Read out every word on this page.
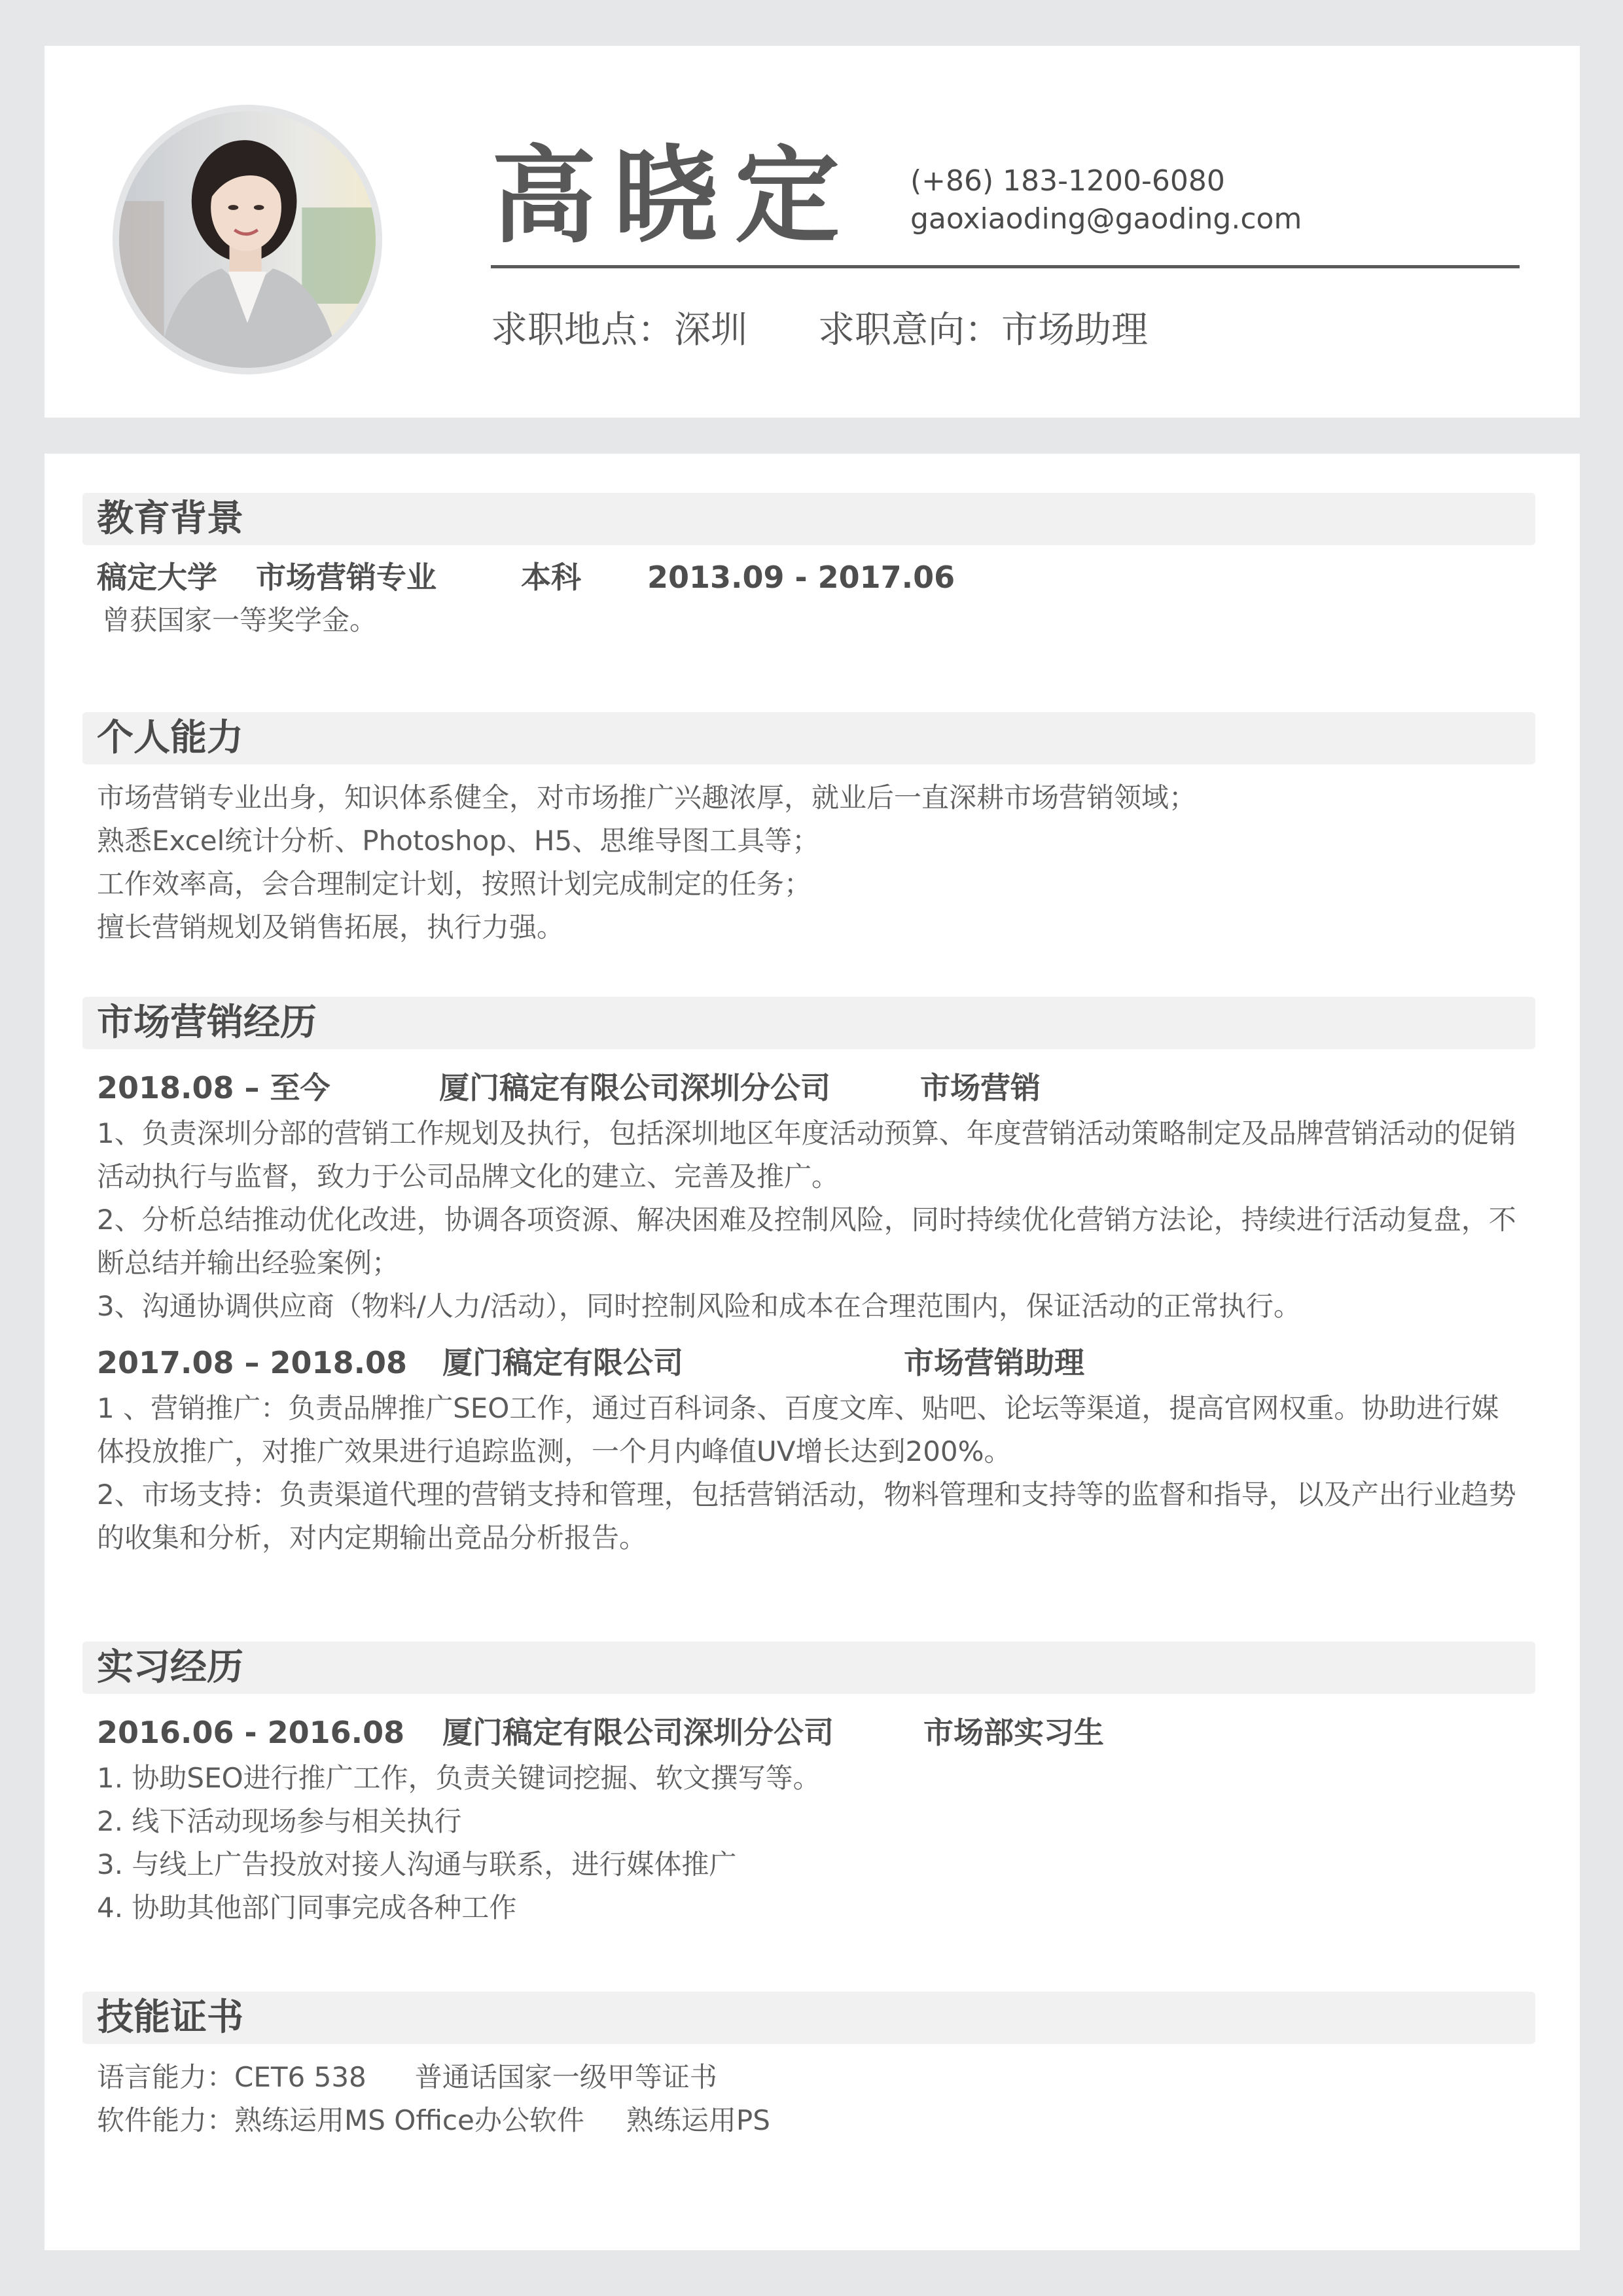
高晓定 (+86) 183-1200-6080
gaoxiaoding@gaoding.com
求职地点：深圳 求职意向：市场助理
教育背景
稿定大学 市场营销专业	本科 2013.09 - 2017.06
曾获国家一等奖学金。
个人能力
市场营销专业出身，知识体系健全，对市场推广兴趣浓厚，就业后一直深耕市场营销领域；
熟悉Excel统计分析、Photoshop、H5、思维导图工具等；
工作效率高，会合理制定计划，按照计划完成制定的任务；
擅长营销规划及销售拓展，执行力强。
市场营销经历
2018.08 – 至今	厦门稿定有限公司深圳分公司	市场营销
1、负责深圳分部的营销工作规划及执行，包括深圳地区年度活动预算、年度营销活动策略制定及品牌营销活动的促销活动执行与监督，致力于公司品牌文化的建立、完善及推广。
2、分析总结推动优化改进，协调各项资源、解决困难及控制风险，同时持续优化营销方法论，持续进行活动复盘，不断总结并输出经验案例；
3、沟通协调供应商（物料/人力/活动），同时控制风险和成本在合理范围内，保证活动的正常执行。
2017.08 – 2018.08 厦门稿定有限公司	市场营销助理
1 、营销推广：负责品牌推广SEO工作，通过百科词条、百度文库、贴吧、论坛等渠道，提高官网权重。协助进行媒体投放推广，对推广效果进行追踪监测，一个月内峰值UV增长达到200%。
2、市场支持：负责渠道代理的营销支持和管理，包括营销活动，物料管理和支持等的监督和指导，以及产出行业趋势的收集和分析，对内定期输出竞品分析报告。
实习经历
2016.06 - 2016.08 厦门稿定有限公司深圳分公司	市场部实习生
1. 协助SEO进行推广工作，负责关键词挖掘、软文撰写等。
2. 线下活动现场参与相关执行
3. 与线上广告投放对接人沟通与联系，进行媒体推广
4. 协助其他部门同事完成各种工作
技能证书
语言能力：CET6 538 普通话国家一级甲等证书
软件能力：熟练运用MS Office办公软件 熟练运用PS
